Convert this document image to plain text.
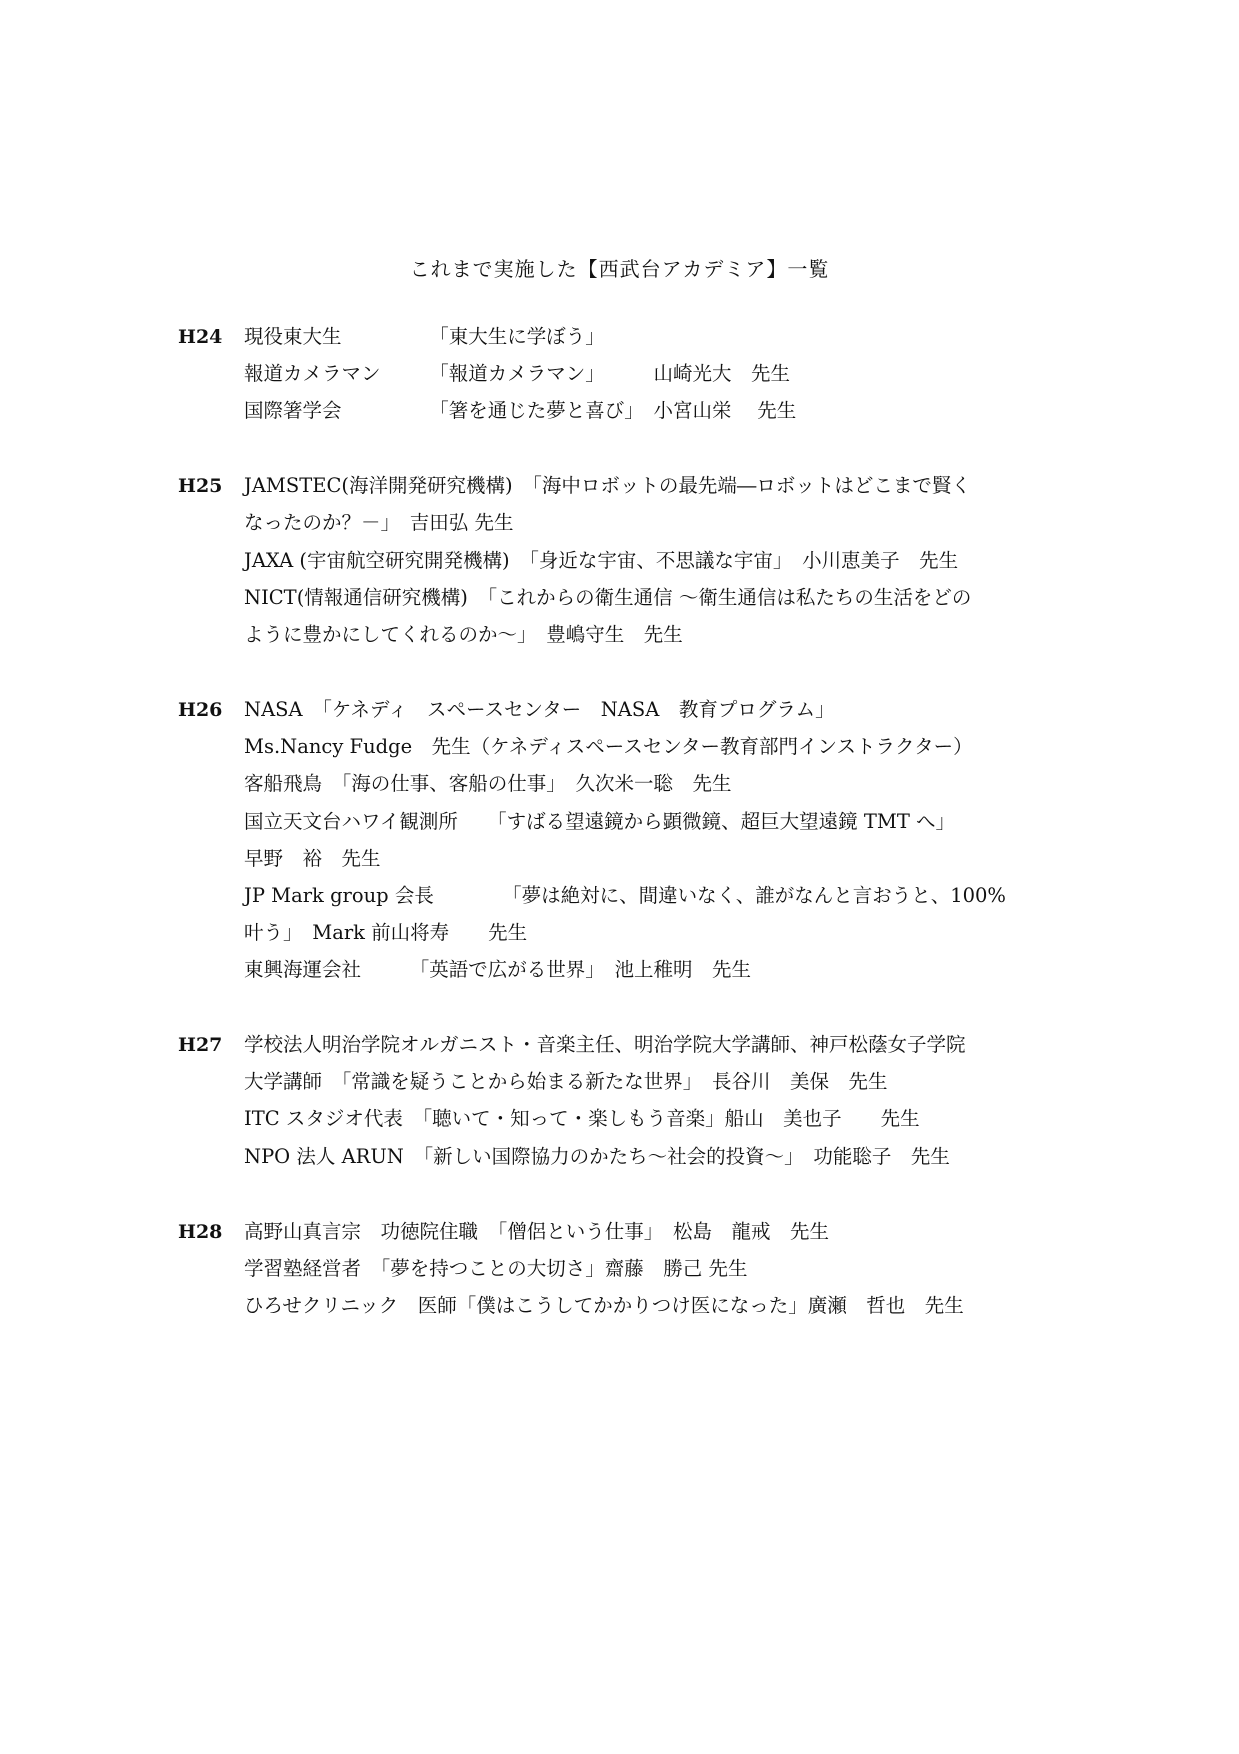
これまで実施した【西武台アカデミア】一覧
H24 現役東大生　　　　　「東大生に学ぼう」
報道カメラマン　　　「報道カメラマン」　　　山崎光大　先生
国際箸学会　　　　　「箸を通じた夢と喜び」　小宮山栄　 先生
H25 JAMSTEC(海洋開発研究機構)　「海中ロボットの最先端―ロボットはどこまで賢く
なったのか？－」　吉田弘 先生
JAXA (宇宙航空研究開発機構)　「身近な宇宙、不思議な宇宙」　小川恵美子　先生
NICT(情報通信研究機構)　「これからの衛生通信 〜衛生通信は私たちの生活をどの
ように豊かにしてくれるのか〜」　豊嶋守生　先生
H26 NASA　「ケネディ　スペースセンター　NASA　教育プログラム」
Ms.Nancy Fudge　先生（ケネディスペースセンター教育部門インストラクター）
客船飛鳥　「海の仕事、客船の仕事」　久次米一聡　先生
国立天文台ハワイ観測所　　「すばる望遠鏡から顕微鏡、超巨大望遠鏡 TMT へ」
早野　裕　先生
JP Mark group 会長　　　　「夢は絶対に、間違いなく、誰がなんと言おうと、100%
叶う」　Mark 前山将寿　　先生
東興海運会社　　　「英語で広がる世界」　池上稚明　先生
H27 学校法人明治学院オルガニスト・音楽主任、明治学院大学講師、神戸松蔭女子学院
大学講師　「常識を疑うことから始まる新たな世界」　長谷川　美保　先生
ITC スタジオ代表　「聴いて・知って・楽しもう音楽」船山　美也子　　先生
NPO 法人 ARUN　「新しい国際協力のかたち〜社会的投資〜」　功能聡子　先生
H28 高野山真言宗　功徳院住職　「僧侶という仕事」　松島　龍戒　先生
学習塾経営者　「夢を持つことの大切さ」齋藤　勝己 先生
ひろせクリニック　医師「僕はこうしてかかりつけ医になった」廣瀬　哲也　先生
